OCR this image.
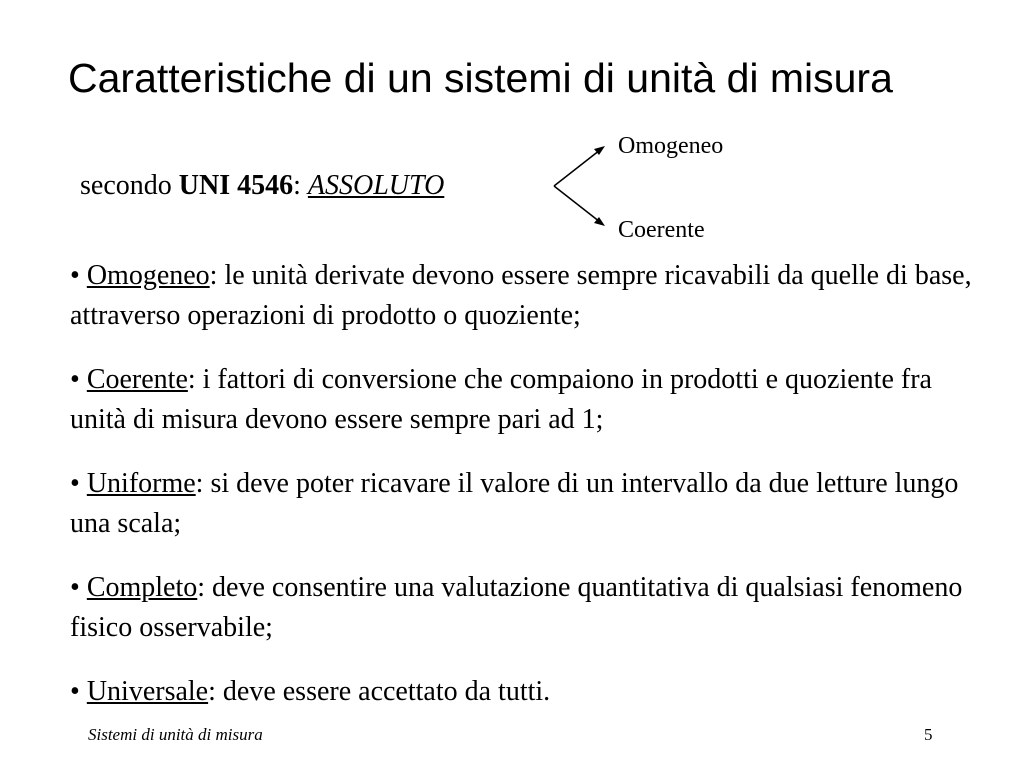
Caratteristiche di un sistemi di unità di misura
secondo UNI 4546: ASSOLUTO
Omogeneo
Coerente
• Omogeneo: le unità derivate devono essere sempre ricavabili da quelle di base, attraverso operazioni di prodotto o quoziente;
• Coerente: i fattori di conversione che compaiono in prodotti e quoziente fra unità di misura devono essere sempre pari ad 1;
• Uniforme: si deve poter ricavare il valore di un intervallo da due letture lungo una scala;
• Completo: deve consentire una valutazione quantitativa di qualsiasi fenomeno fisico osservabile;
• Universale: deve essere accettato da tutti.
Sistemi di unità di misura	5
